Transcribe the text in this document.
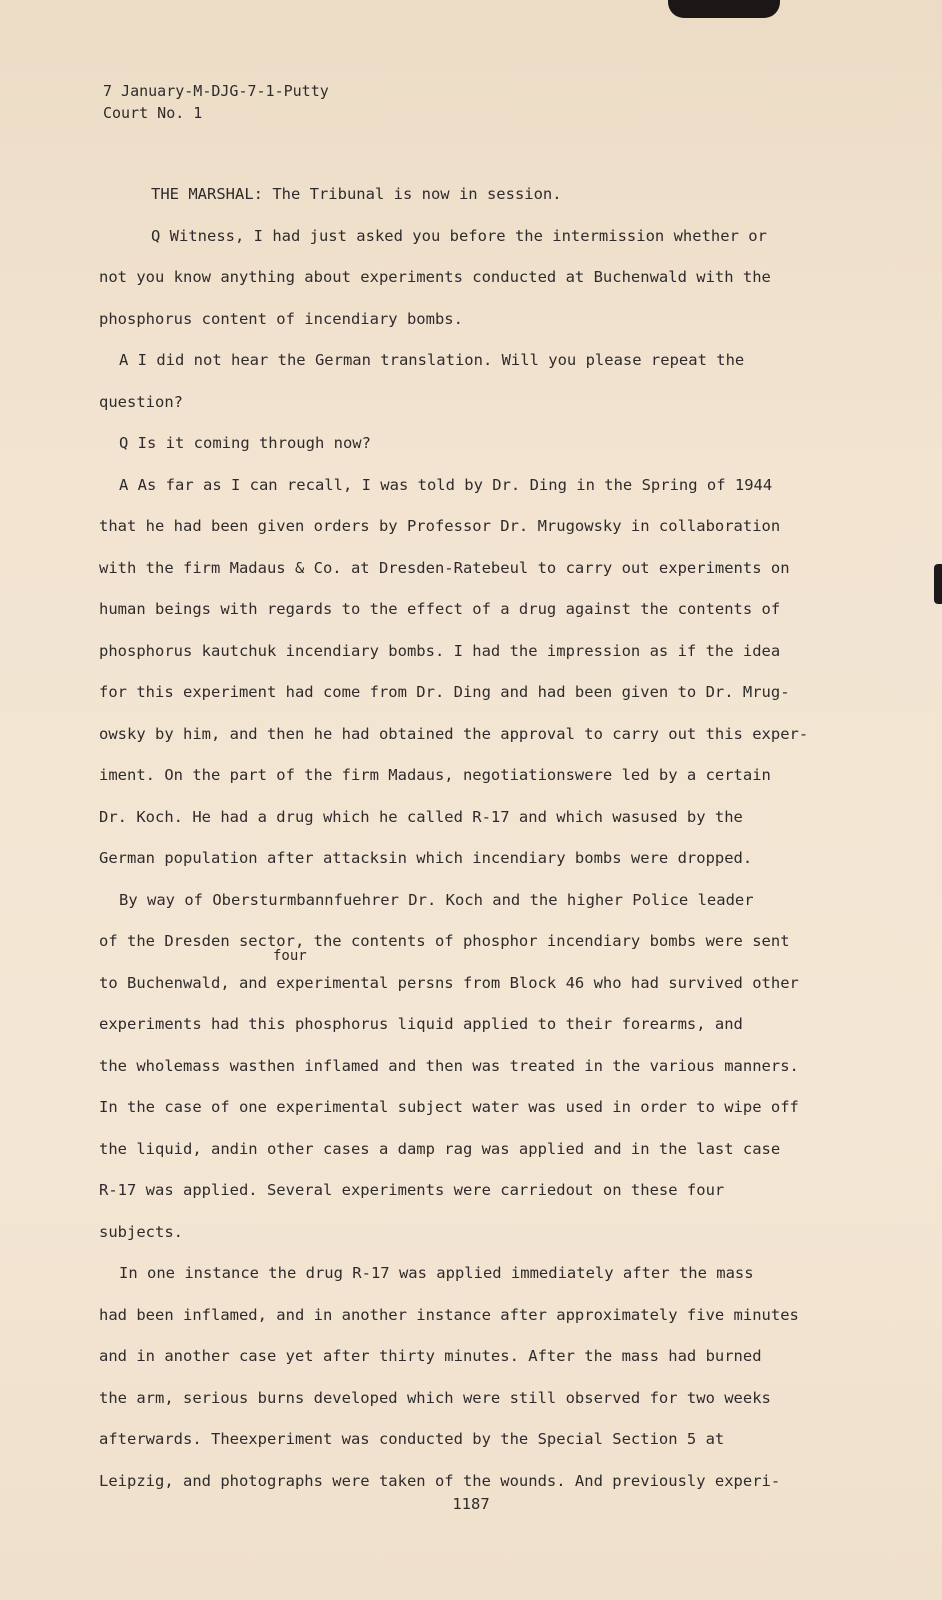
7 January-M-DJG-7-1-Putty
Court No. 1
THE MARSHAL: The Tribunal is now in session.
Q Witness, I had just asked you before the intermission whether or
not you know anything about experiments conducted at Buchenwald with the
phosphorus content of incendiary bombs.
A I did not hear the German translation. Will you please repeat the
question?
Q Is it coming through now?
A As far as I can recall, I was told by Dr. Ding in the Spring of 1944
that he had been given orders by Professor Dr. Mrugowsky in collaboration
with the firm Madaus & Co. at Dresden-Ratebeul to carry out experiments on
human beings with regards to the effect of a drug against the contents of
phosphorus kautchuk incendiary bombs. I had the impression as if the idea
for this experiment had come from Dr. Ding and had been given to Dr. Mrug-
owsky by him, and then he had obtained the approval to carry out this exper-
iment. On the part of the firm Madaus, negotiationswere led by a certain
Dr. Koch. He had a drug which he called R-17 and which wasused by the
German population after attacksin which incendiary bombs were dropped.
By way of Obersturmbannfuehrer Dr. Koch and the higher Police leader
of the Dresden sector, the contents of phosphor incendiary bombs were sent
four
to Buchenwald, and experimental persns from Block 46 who had survived other
experiments had this phosphorus liquid applied to their forearms, and
the wholemass wasthen inflamed and then was treated in the various manners.
In the case of one experimental subject water was used in order to wipe off
the liquid, andin other cases a damp rag was applied and in the last case
R-17 was applied. Several experiments were carriedout on these four
subjects.
In one instance the drug R-17 was applied immediately after the mass
had been inflamed, and in another instance after approximately five minutes
and in another case yet after thirty minutes. After the mass had burned
the arm, serious burns developed which were still observed for two weeks
afterwards. Theexperiment was conducted by the Special Section 5 at
Leipzig, and photographs were taken of the wounds. And previously experi-
1187
